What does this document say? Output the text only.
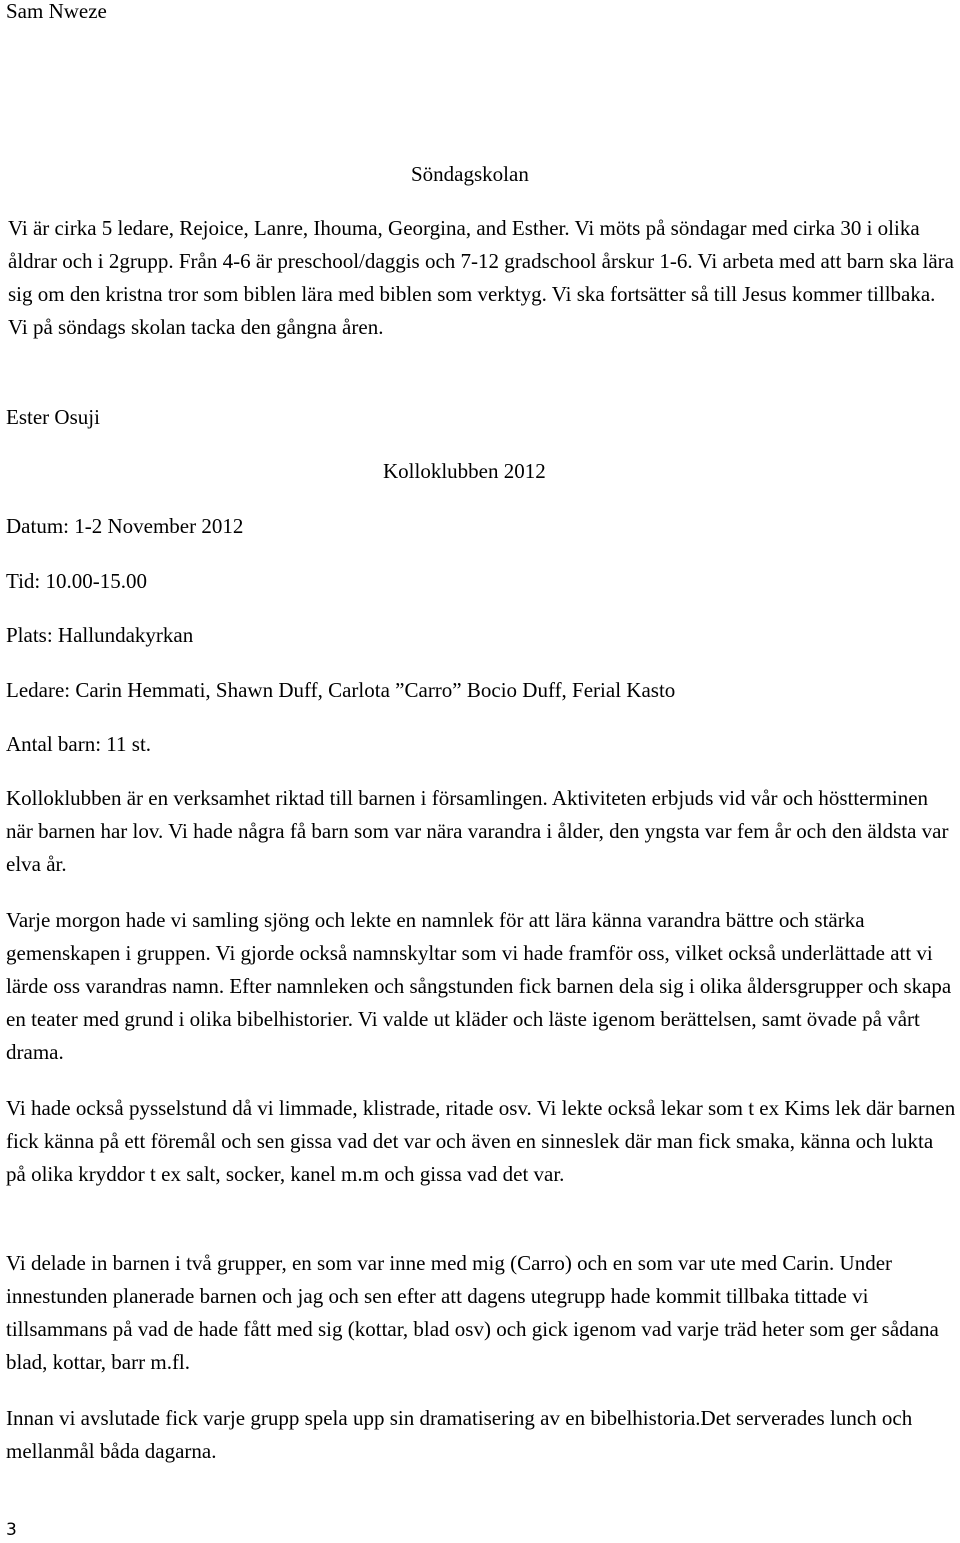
Sam Nweze

Söndagskolan

Vi är cirka 5 ledare, Rejoice, Lanre, Ihouma, Georgina, and Esther. Vi möts på söndagar med cirka 30 i olika åldrar och i 2grupp. Från 4-6 är preschool/daggis och 7-12 gradschool årskur 1-6. Vi arbeta med att barn ska lära sig om den kristna tror som biblen lära med biblen som verktyg. Vi ska fortsätter så till Jesus kommer tillbaka. Vi på söndags skolan tacka den gångna åren.

Ester Osuji

Kolloklubben 2012

Datum: 1-2 November 2012

Tid: 10.00-15.00

Plats: Hallundakyrkan

Ledare: Carin Hemmati, Shawn Duff, Carlota ”Carro” Bocio Duff, Ferial Kasto

Antal barn: 11 st.

Kolloklubben är en verksamhet riktad till barnen i församlingen. Aktiviteten erbjuds vid vår och höstterminen när barnen har lov. Vi hade några få barn som var nära varandra i ålder, den yngsta var fem år och den äldsta var elva år.

Varje morgon hade vi samling sjöng och lekte en namnlek för att lära känna varandra bättre och stärka gemenskapen i gruppen. Vi gjorde också namnskyltar som vi hade framför oss, vilket också underlättade att vi lärde oss varandras namn. Efter namnleken och sångstunden fick barnen dela sig i olika åldersgrupper och skapa en teater med grund i olika bibelhistorier. Vi valde ut kläder och läste igenom berättelsen, samt övade på vårt drama.

Vi hade också pysselstund då vi limmade, klistrade, ritade osv. Vi lekte också lekar som t ex Kims lek där barnen fick känna på ett föremål och sen gissa vad det var och även en sinneslek där man fick smaka, känna och lukta på olika kryddor t ex salt, socker, kanel m.m och gissa vad det var.

Vi delade in barnen i två grupper, en som var inne med mig (Carro) och en som var ute med Carin. Under innestunden planerade barnen och jag och sen efter att dagens utegrupp hade kommit tillbaka tittade vi tillsammans på vad de hade fått med sig (kottar, blad osv) och gick igenom vad varje träd heter som ger sådana blad, kottar, barr m.fl.

Innan vi avslutade fick varje grupp spela upp sin dramatisering av en bibelhistoria.Det serverades lunch och mellanmål båda dagarna.

3
